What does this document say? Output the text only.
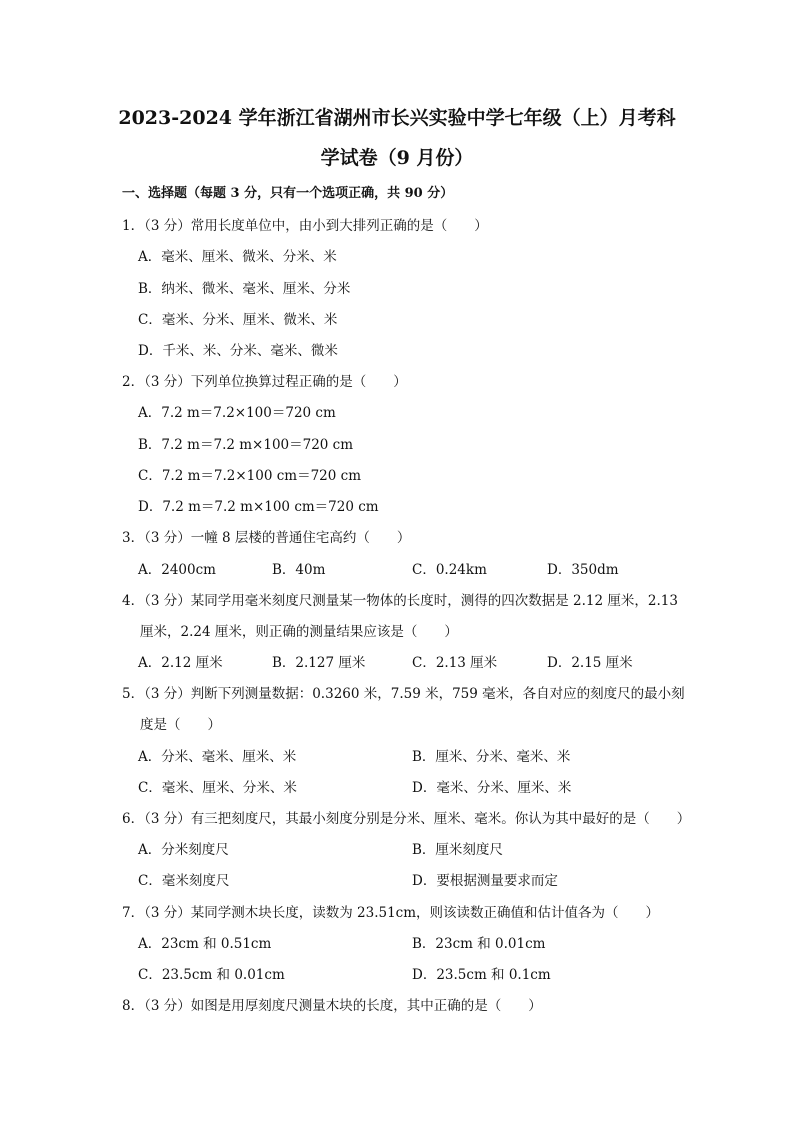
2023-2024 学年浙江省湖州市长兴实验中学七年级（上）月考科
学试卷（9 月份）
一、选择题（每题 3 分，只有一个选项正确，共 90 分）
1．（3 分）常用长度单位中，由小到大排列正确的是（　　）
A．毫米、厘米、微米、分米、米
B．纳米、微米、毫米、厘米、分米
C．毫米、分米、厘米、微米、米
D．千米、米、分米、毫米、微米
2．（3 分）下列单位换算过程正确的是（　　）
A．7.2 m＝7.2×100＝720 cm
B．7.2 m＝7.2 m×100＝720 cm
C．7.2 m＝7.2×100 cm＝720 cm
D．7.2 m＝7.2 m×100 cm＝720 cm
3．（3 分）一幢 8 层楼的普通住宅高约（　　）
A．2400cm	B．40m	C．0.24km	D．350dm
4．（3 分）某同学用毫米刻度尺测量某一物体的长度时，测得的四次数据是 2.12 厘米，2.13
厘米，2.24 厘米，则正确的测量结果应该是（　　）
A．2.12 厘米	B．2.127 厘米	C．2.13 厘米	D．2.15 厘米
5．（3 分）判断下列测量数据：0.3260 米，7.59 米，759 毫米，各自对应的刻度尺的最小刻
度是（　　）
A．分米、毫米、厘米、米	B．厘米、分米、毫米、米
C．毫米、厘米、分米、米	D．毫米、分米、厘米、米
6．（3 分）有三把刻度尺，其最小刻度分别是分米、厘米、毫米。你认为其中最好的是（　　）
A．分米刻度尺	B．厘米刻度尺
C．毫米刻度尺	D．要根据测量要求而定
7．（3 分）某同学测木块长度，读数为 23.51cm，则该读数正确值和估计值各为（　　）
A．23cm 和 0.51cm	B．23cm 和 0.01cm
C．23.5cm 和 0.01cm	D．23.5cm 和 0.1cm
8．（3 分）如图是用厚刻度尺测量木块的长度，其中正确的是（　　）
